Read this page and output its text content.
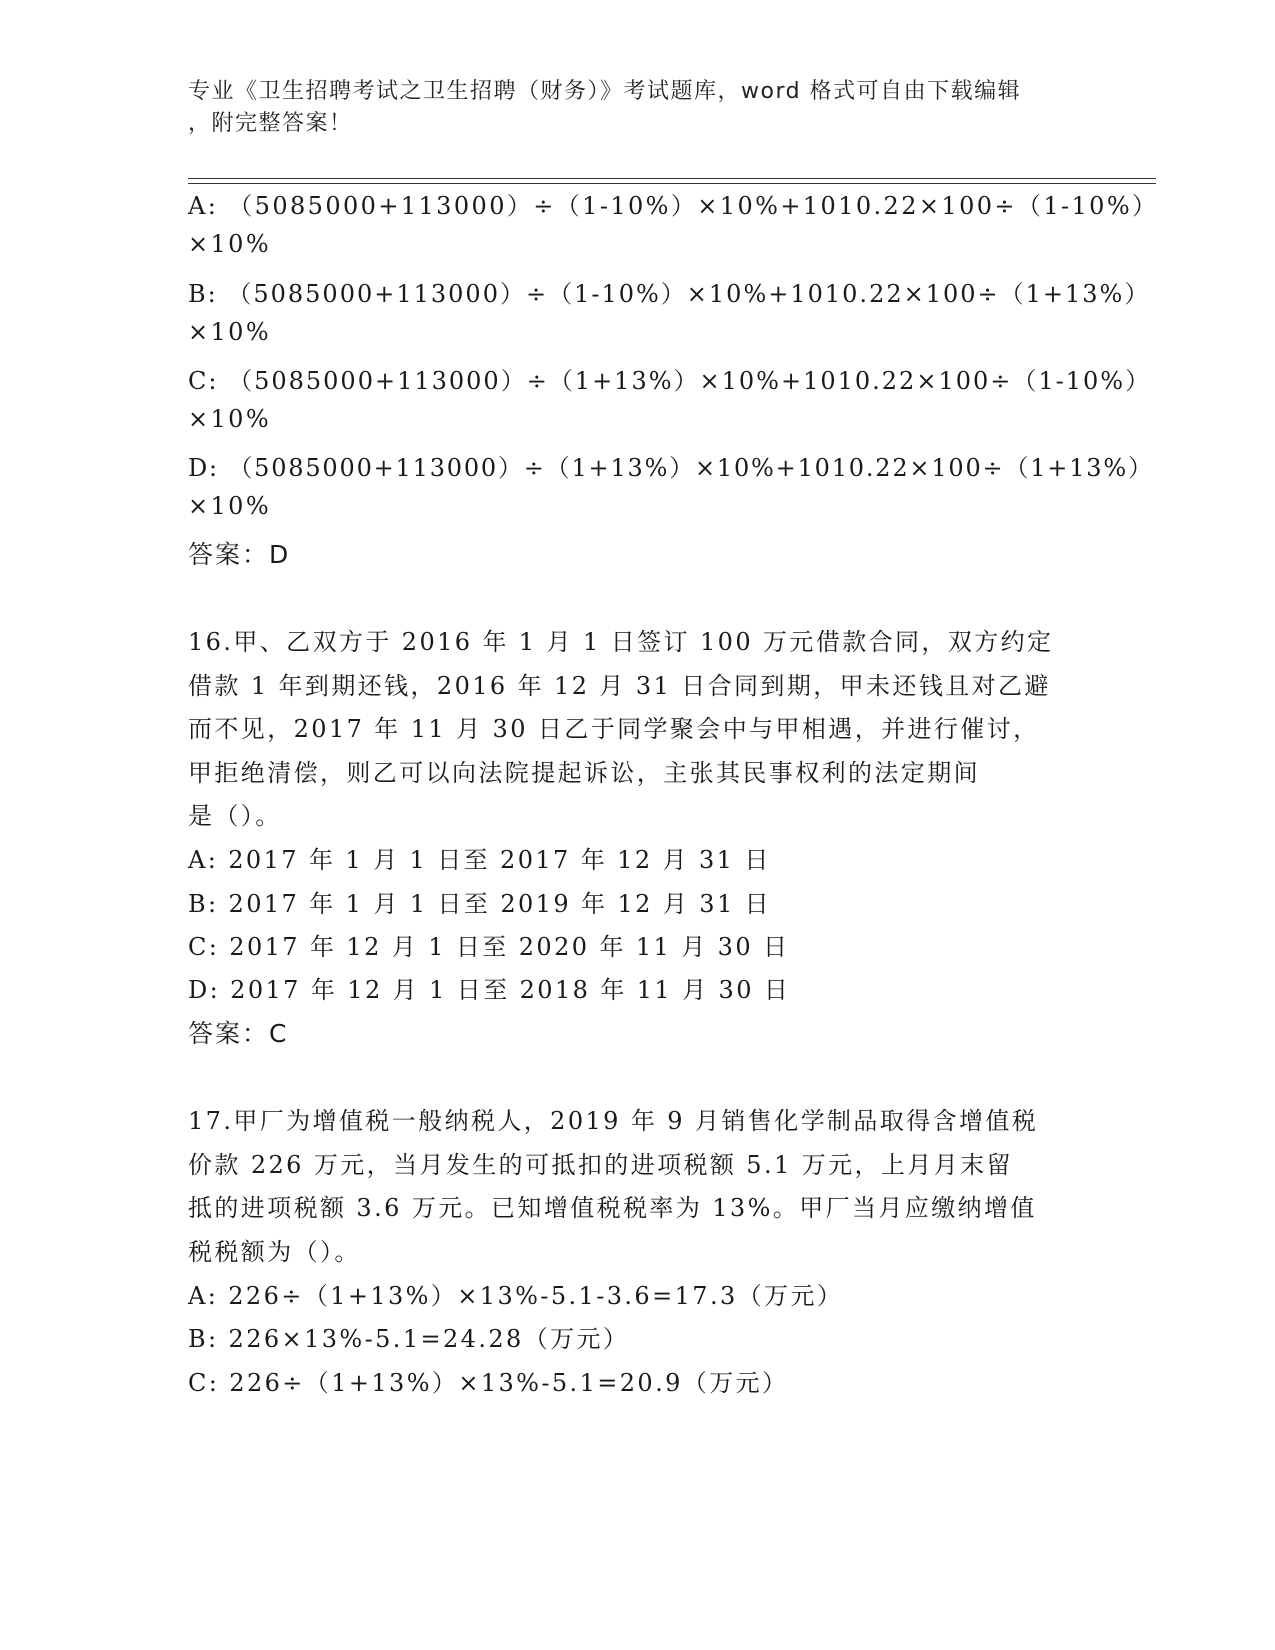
专业《卫生招聘考试之卫生招聘（财务）》考试题库，word 格式可自由下载编辑
，附完整答案！
A: （5085000+113000）÷（1-10%）×10%+1010.22×100÷（1-10%）
×10%
B: （5085000+113000）÷（1-10%）×10%+1010.22×100÷（1+13%）
×10%
C: （5085000+113000）÷（1+13%）×10%+1010.22×100÷（1-10%）
×10%
D: （5085000+113000）÷（1+13%）×10%+1010.22×100÷（1+13%）
×10%
答案：D
16.甲、乙双方于 2016 年 1 月 1 日签订 100 万元借款合同，双方约定
借款 1 年到期还钱，2016 年 12 月 31 日合同到期，甲未还钱且对乙避
而不见，2017 年 11 月 30 日乙于同学聚会中与甲相遇，并进行催讨，
甲拒绝清偿，则乙可以向法院提起诉讼，主张其民事权利的法定期间
是（）。
A: 2017 年 1 月 1 日至 2017 年 12 月 31 日
B: 2017 年 1 月 1 日至 2019 年 12 月 31 日
C: 2017 年 12 月 1 日至 2020 年 11 月 30 日
D: 2017 年 12 月 1 日至 2018 年 11 月 30 日
答案：C
17.甲厂为增值税一般纳税人，2019 年 9 月销售化学制品取得含增值税
价款 226 万元，当月发生的可抵扣的进项税额 5.1 万元，上月月末留
抵的进项税额 3.6 万元。已知增值税税率为 13%。甲厂当月应缴纳增值
税税额为（）。
A: 226÷（1+13%）×13%-5.1-3.6=17.3（万元）
B: 226×13%-5.1=24.28（万元）
C: 226÷（1+13%）×13%-5.1=20.9（万元）
